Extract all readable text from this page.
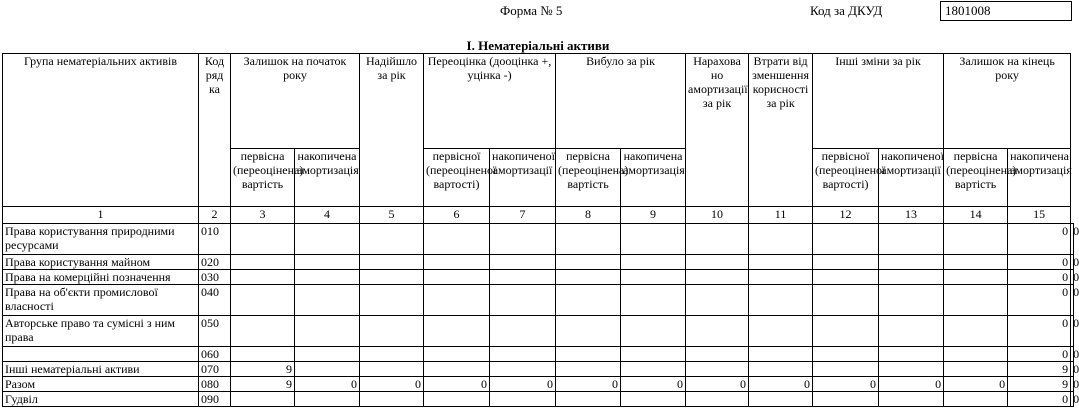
Форма № 5	Код за ДКУД	1801008
I. Нематеріальні активи
Група нематеріальних активів	Код ряд ка	Залишок на початок року		Надійшло за рік	Переоцінка (дооцінка +, уцінка -)		Вибуло за рік		Нарахова но амортизації за рік	Втрати від зменшення корисності за рік	Інші зміни за рік		Залишок на кінець року		
		первісна (переоцінена) вартість	накопичена амортизація		первісної (переоціненої вартості)	накопиченої амортизації	первісна (переоцінена) вартість	накопичена амортизація			первісної (переоціненої вартості)	накопиченої амортизації	первісна (переоцінена) вартість	накопичена амортизація	
1	2	3	4	5	6	7	8	9	10	11	12	13	14	15	
Права користування природними ресурсами	010													0	0
Права користування майном	020													0	0
Права на комерційні позначення	030													0	0
Права на об'єкти промислової власності	040													0	0
Авторське право та сумісні з ним права	050													0	0
	060													0	0
Інші нематеріальні активи	070	9												9	0
Разом	080	9	0	0	0	0	0	0	0	0	0	0	0	9	0
Гудвіл	090													0	0
